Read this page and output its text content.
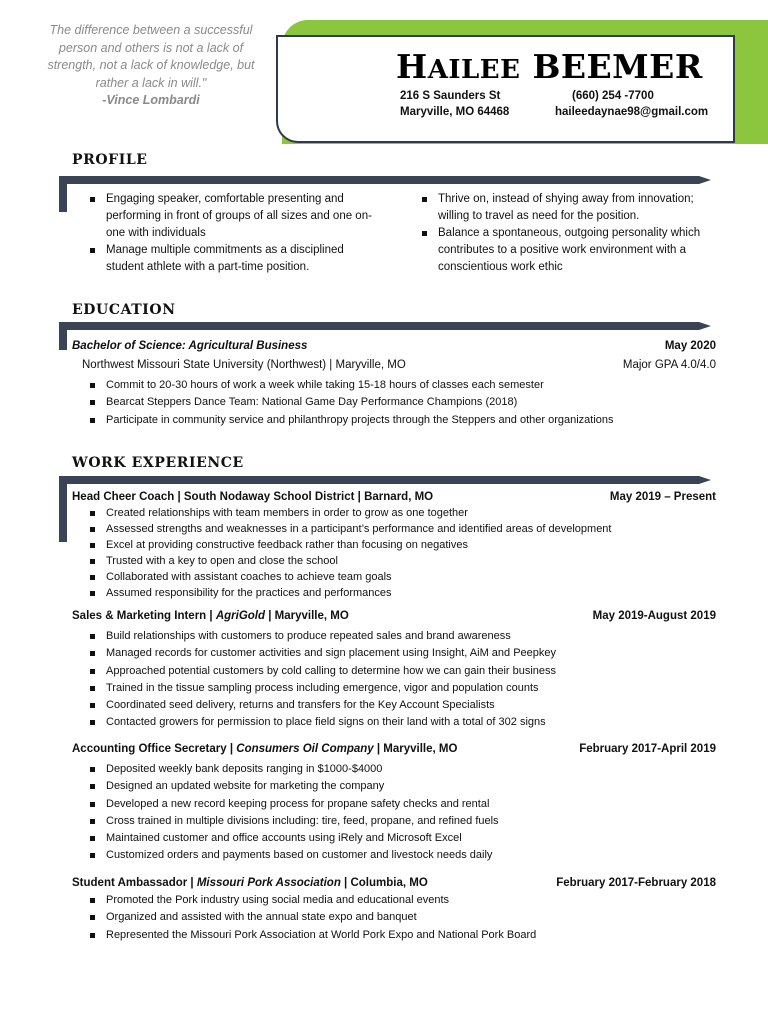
The difference between a successful
person and others is not a lack of
strength, not a lack of knowledge, but
rather a lack in will."
-Vince Lombardi
HAILEE BEEMER
216 S Saunders St
Maryville, MO 64468
(660) 254 -7700
haileedaynae98@gmail.com
PROFILE
Engaging speaker, comfortable presenting and performing in front of groups of all sizes and one on-one with individuals
Manage multiple commitments as a disciplined student athlete with a part-time position.
Thrive on, instead of shying away from innovation; willing to travel as need for the position.
Balance a spontaneous, outgoing personality which contributes to a positive work environment with a conscientious work ethic
EDUCATION
Bachelor of Science: Agricultural Business	May 2020
Northwest Missouri State University (Northwest) | Maryville, MO	Major GPA 4.0/4.0
Commit to 20-30 hours of work a week while taking 15-18 hours of classes each semester
Bearcat Steppers Dance Team: National Game Day Performance Champions (2018)
Participate in community service and philanthropy projects through the Steppers and other organizations
WORK EXPERIENCE
Head Cheer Coach | South Nodaway School District | Barnard, MO	May 2019 – Present
Created relationships with team members in order to grow as one together
Assessed strengths and weaknesses in a participant’s performance and identified areas of development
Excel at providing constructive feedback rather than focusing on negatives
Trusted with a key to open and close the school
Collaborated with assistant coaches to achieve team goals
Assumed responsibility for the practices and performances
Sales & Marketing Intern | AgriGold | Maryville, MO	May 2019-August 2019
Build relationships with customers to produce repeated sales and brand awareness
Managed records for customer activities and sign placement using Insight, AiM and Peepkey
Approached potential customers by cold calling to determine how we can gain their business
Trained in the tissue sampling process including emergence, vigor and population counts
Coordinated seed delivery, returns and transfers for the Key Account Specialists
Contacted growers for permission to place field signs on their land with a total of 302 signs
Accounting Office Secretary | Consumers Oil Company | Maryville, MO	February 2017-April 2019
Deposited weekly bank deposits ranging in $1000-$4000
Designed an updated website for marketing the company
Developed a new record keeping process for propane safety checks and rental
Cross trained in multiple divisions including: tire, feed, propane, and refined fuels
Maintained customer and office accounts using iRely and Microsoft Excel
Customized orders and payments based on customer and livestock needs daily
Student Ambassador | Missouri Pork Association | Columbia, MO	February 2017-February 2018
Promoted the Pork industry using social media and educational events
Organized and assisted with the annual state expo and banquet
Represented the Missouri Pork Association at World Pork Expo and National Pork Board
